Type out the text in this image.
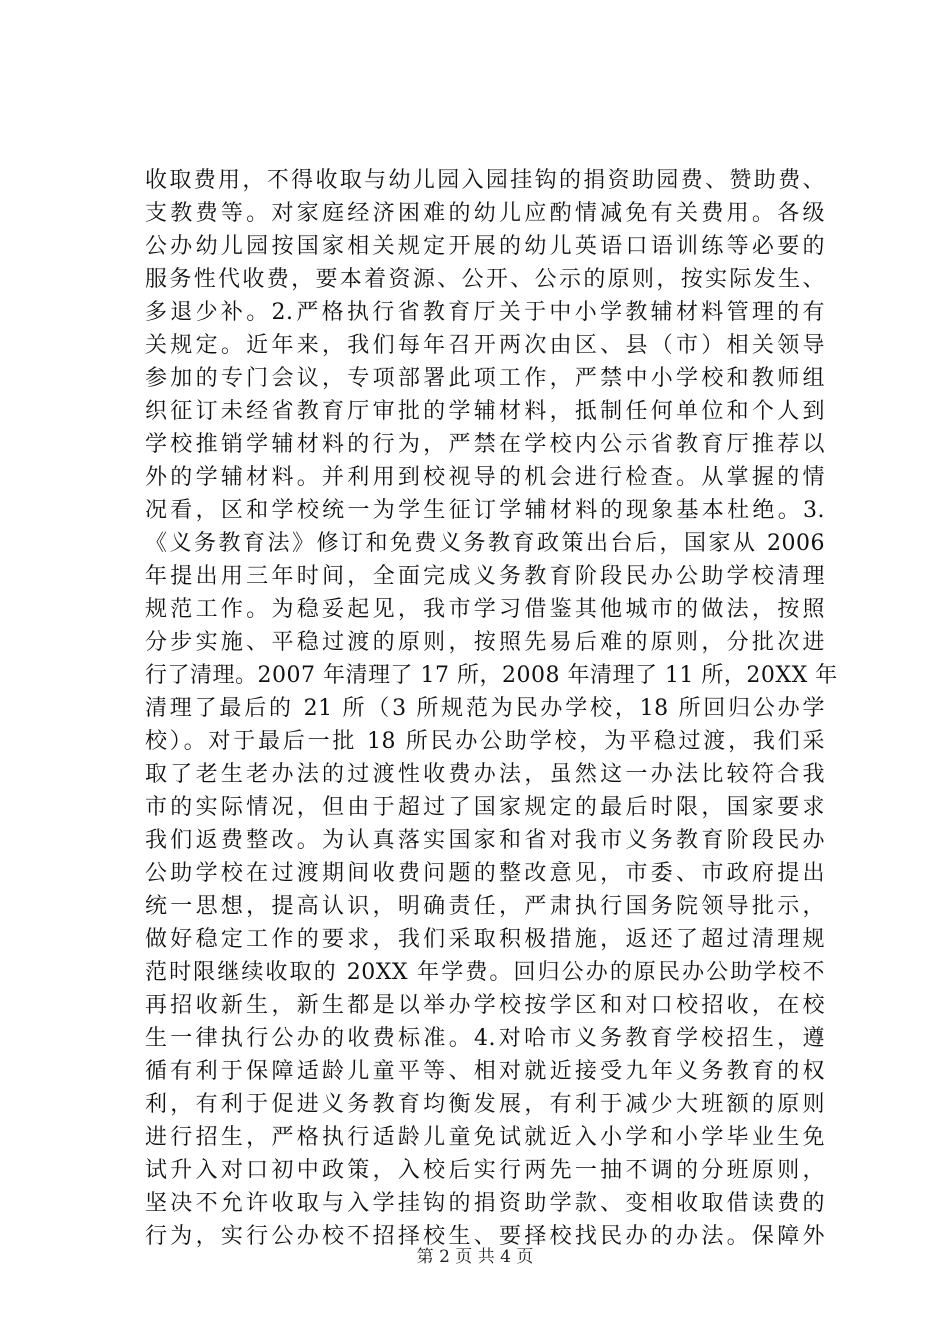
收取费用，不得收取与幼儿园入园挂钩的捐资助园费、赞助费、
支教费等。对家庭经济困难的幼儿应酌情减免有关费用。各级
公办幼儿园按国家相关规定开展的幼儿英语口语训练等必要的
服务性代收费，要本着资源、公开、公示的原则，按实际发生、
多退少补。2.严格执行省教育厅关于中小学教辅材料管理的有
关规定。近年来，我们每年召开两次由区、县（市）相关领导
参加的专门会议，专项部署此项工作，严禁中小学校和教师组
织征订未经省教育厅审批的学辅材料，抵制任何单位和个人到
学校推销学辅材料的行为，严禁在学校内公示省教育厅推荐以
外的学辅材料。并利用到校视导的机会进行检查。从掌握的情
况看，区和学校统一为学生征订学辅材料的现象基本杜绝。3.
《义务教育法》修订和免费义务教育政策出台后，国家从 2006
年提出用三年时间，全面完成义务教育阶段民办公助学校清理
规范工作。为稳妥起见，我市学习借鉴其他城市的做法，按照
分步实施、平稳过渡的原则，按照先易后难的原则，分批次进
行了清理。2007 年清理了 17 所，2008 年清理了 11 所，20XX 年
清理了最后的 21 所（3 所规范为民办学校，18 所回归公办学
校）。对于最后一批 18 所民办公助学校，为平稳过渡，我们采
取了老生老办法的过渡性收费办法，虽然这一办法比较符合我
市的实际情况，但由于超过了国家规定的最后时限，国家要求
我们返费整改。为认真落实国家和省对我市义务教育阶段民办
公助学校在过渡期间收费问题的整改意见，市委、市政府提出
统一思想，提高认识，明确责任，严肃执行国务院领导批示，
做好稳定工作的要求，我们采取积极措施，返还了超过清理规
范时限继续收取的 20XX 年学费。回归公办的原民办公助学校不
再招收新生，新生都是以举办学校按学区和对口校招收，在校
生一律执行公办的收费标准。4.对哈市义务教育学校招生，遵
循有利于保障适龄儿童平等、相对就近接受九年义务教育的权
利，有利于促进义务教育均衡发展，有利于减少大班额的原则
进行招生，严格执行适龄儿童免试就近入小学和小学毕业生免
试升入对口初中政策，入校后实行两先一抽不调的分班原则，
坚决不允许收取与入学挂钩的捐资助学款、变相收取借读费的
行为，实行公办校不招择校生、要择校找民办的办法。保障外
第 2 页 共 4 页
